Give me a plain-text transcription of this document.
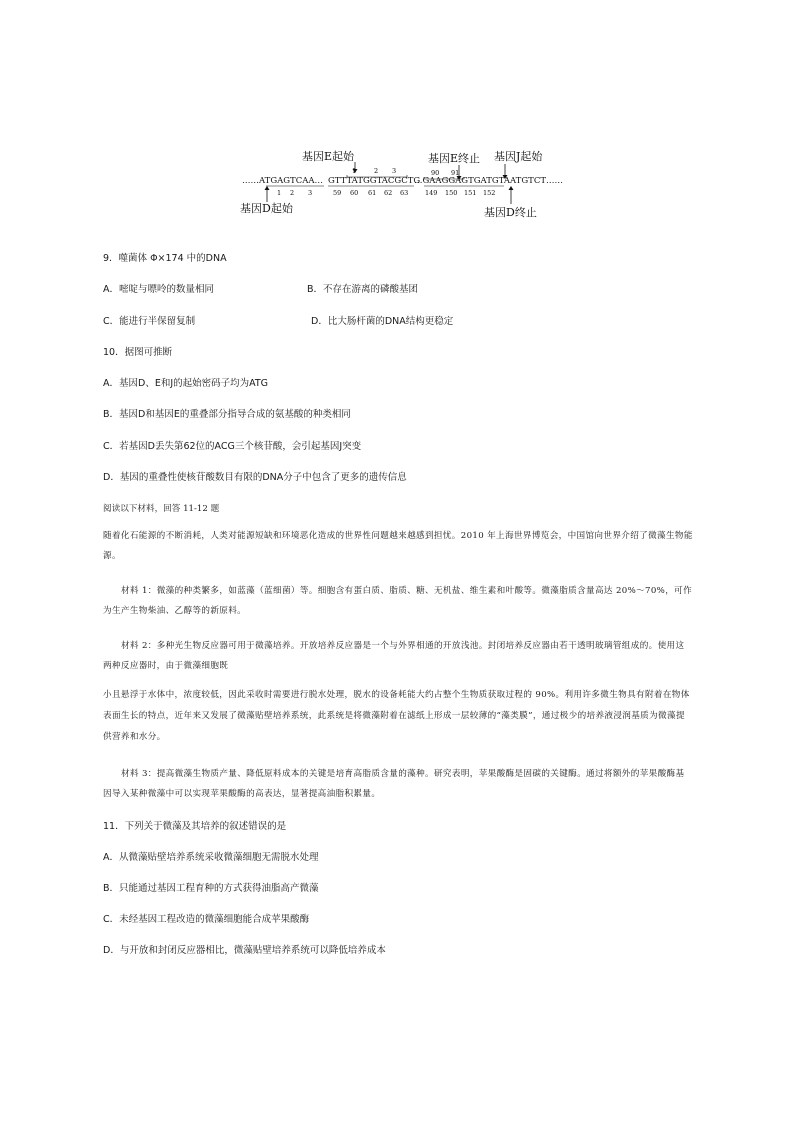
基因E起始	基因E终止 基因J起始
1	2 3	90 91
……ATGAGTCAA… GTTTATGGTACGCTG
…GAAGGAGTGATGTAATGTCT……
1 2 3	59 60 61 62 63	149 150 151 152
基因D起始	基因D终止
9．噬菌体 Φ×174 中的DNA
A．嘧啶与嘌呤的数量相同	B．不存在游离的磷酸基团
C．能进行半保留复制	D．比大肠杆菌的DNA结构更稳定
10．据图可推断
A．基因D、E和J的起始密码子均为ATG
B．基因D和基因E的重叠部分指导合成的氨基酸的种类相同
C．若基因D丢失第62位的ACG三个核苷酸，会引起基因J突变
D．基因的重叠性使核苷酸数目有限的DNA分子中包含了更多的遗传信息
阅读以下材料，回答 11-12 题
随着化石能源的不断消耗，人类对能源短缺和环境恶化造成的世界性问题越来越感到担忧。2010 年上海世界博览会，中国馆向世界介绍了微藻生物能源。
材料 1：微藻的种类繁多，如蓝藻（蓝细菌）等。细胞含有蛋白质、脂质、糖、无机盐、维生素和叶酸等。微藻脂质含量高达 20%～70%，可作为生产生物柴油、乙醇等的新原料。
材料 2：多种光生物反应器可用于微藻培养。开放培养反应器是一个与外界相通的开放浅池。封闭培养反应器由若干透明玻璃管组成的。使用这两种反应器时，由于微藻细胞既
小且悬浮于水体中，浓度较低，因此采收时需要进行脱水处理，脱水的设备耗能大约占整个生物质获取过程的 90%。利用许多微生物具有附着在物体表面生长的特点，近年来又发展了微藻贴壁培养系统，此系统是将微藻附着在滤纸上形成一层较薄的“藻类膜”，通过极少的培养液浸润基质为微藻提供营养和水分。
材料 3：提高微藻生物质产量、降低原料成本的关键是培育高脂质含量的藻种。研究表明，苹果酸酶是固碳的关键酶。通过将额外的苹果酸酶基因导入某种微藻中可以实现苹果酸酶的高表达，显著提高油脂积累量。
11．下列关于微藻及其培养的叙述错误的是
A．从微藻贴壁培养系统采收微藻细胞无需脱水处理
B．只能通过基因工程育种的方式获得油脂高产微藻
C．未经基因工程改造的微藻细胞能合成苹果酸酶
D．与开放和封闭反应器相比，微藻贴壁培养系统可以降低培养成本
